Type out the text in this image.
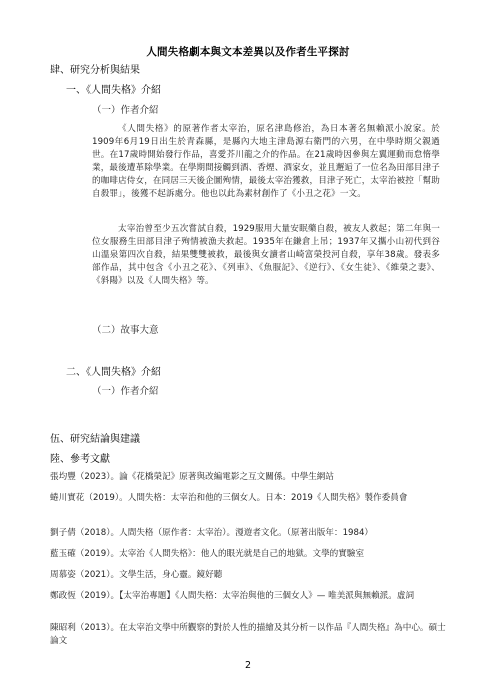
人間失格劇本與文本差異以及作者生平探討
肆、研究分析與結果
一、《人間失格》介紹
（一）作者介紹
《人間失格》的原著作者太宰治，原名津島修治，為日本著名無賴派小說家。於1909年6月19日出生於青森縣，是縣內大地主津島源右衛門的六男，在中學時期父親過世。在17歲時開始發行作品，喜愛芥川龍之介的作品。在21歲時因參與左翼運動而怠惰學業，最後遭革除學業。在學期間接觸到酒、香煙、酒家女，並且邂逅了一位名為田部目津子的咖啡店侍女，在同居三天後企圖殉情，最後太宰治獲救，目津子死亡，太宰治被控「幫助自殺罪」，後獲不起訴處分。他也以此為素材創作了《小丑之花》一文。
太宰治曾至少五次嘗試自殺，1929服用大量安眠藥自殺，被友人救起；第二年與一位女服務生田部目津子殉情被漁夫救起。1935年在鎌倉上吊；1937年又攜小山初代到谷山溫泉第四次自殺，結果雙雙被救，最後與女讀者山崎富榮投河自殺，享年38歲。發表多部作品，其中包含《小丑之花》、《列車》、《魚服記》、《逆行》、《女生徒》、《維榮之妻》、《斜陽》以及《人間失格》等。
（二）故事大意
二、《人間失格》介紹
（一）作者介紹
伍、研究結論與建議
陸、參考文獻
張均豐（2023）。論《花橋榮記》原著與改編電影之互文關係。中學生網站
蜷川實花（2019）。人間失格：太宰治和他的三個女人。日本：2019《人間失格》製作委員會
劉子倩（2018）。人間失格（原作者：太宰治）。漫遊者文化。（原著出版年：1984）
藍玉確（2019）。太宰治《人間失格》：他人的眼光就是自己的地獄。文學的實驗室
周慕姿（2021）。文學生活，身心靈。鏡好聽
鄭政恆（2019）。【太宰治專題】《人間失格：太宰治與他的三個女人》— 唯美派與無賴派。虛詞
陳昭利（2013）。在太宰治文學中所觀察的對於人性的描繪及其分析－以作品『人間失格』為中心。碩士論文
2
